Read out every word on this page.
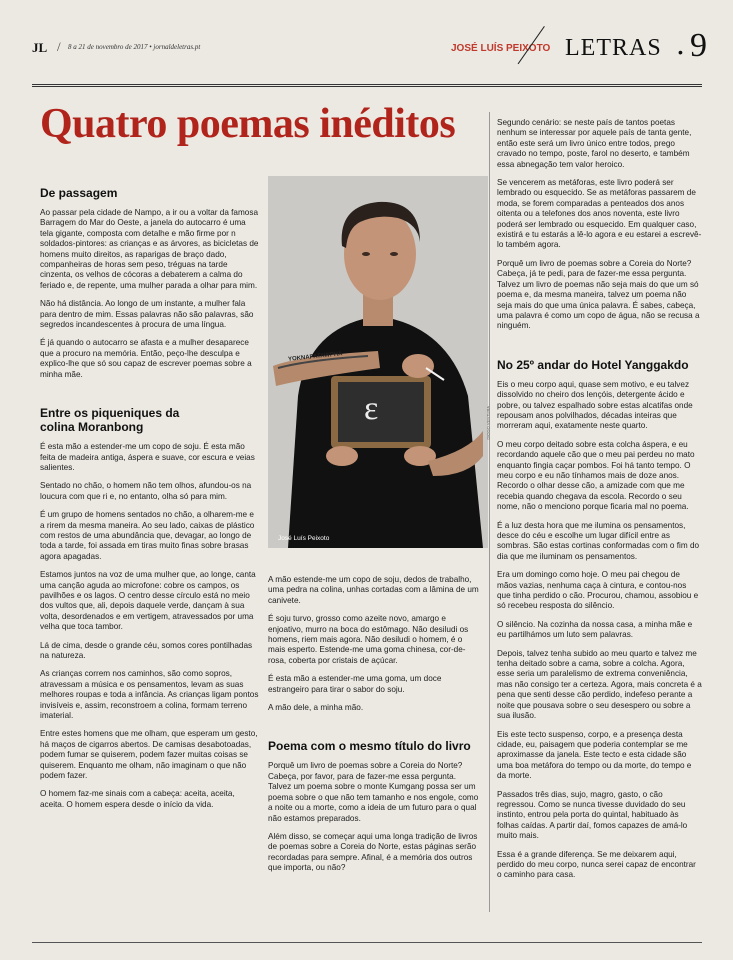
JL / 8 a 21 de novembro de 2017 • jornaldeletras.pt	JOSÉ LUÍS PEIXOTO LETRAS • 9
Quatro poemas inéditos
De passagem

Ao passar pela cidade de Nampo, a ir ou a voltar da famosa Barragem do Mar do Oeste, a janela do autocarro é uma tela gigante, composta com detalhe e mão firme por n soldados-pintores: as crianças e as árvores, as bicicletas de homens muito direitos, as raparigas de braço dado, companheiras de horas sem peso, tréguas na tarde cinzenta, os velhos de cócoras a debaterem a calma do feriado e, de repente, uma mulher parada a olhar para mim.

Não há distância. Ao longo de um instante, a mulher fala para dentro de mim. Essas palavras não são palavras, são segredos incandescentes à procura de uma língua.

É já quando o autocarro se afasta e a mulher desaparece que a procuro na memória. Então, peço-lhe desculpa e explico-lhe que só sou capaz de escrever poemas sobre a minha mãe.

Entre os piqueniques da colina Moranbong

É esta mão a estender-me um copo de soju. É esta mão feita de madeira antiga, áspera e suave, cor escura e veias salientes.

Sentado no chão, o homem não tem olhos, afundou-os na loucura com que ri e, no entanto, olha só para mim.

É um grupo de homens sentados no chão, a olharem-me e a rirem da mesma maneira. Ao seu lado, caixas de plástico com restos de uma abundância que, devagar, ao longo de toda a tarde, foi assada em tiras muito finas sobre brasas agora apagadas.

Estamos juntos na voz de uma mulher que, ao longe, canta uma canção aguda ao microfone: cobre os campos, os pavilhões e os lagos. O centro desse círculo está no meio dos vultos que, ali, depois daquele verde, dançam à sua volta, desordenados e em vertigem, atravessados por uma velha que toca tambor.

Lá de cima, desde o grande céu, somos cores pontilhadas na natureza.

As crianças correm nos caminhos, são como sopros, atravessam a música e os pensamentos, levam as suas melhores roupas e toda a infância. As crianças ligam pontos invisíveis e, assim, reconstroem a colina, formam terreno imaterial.

Entre estes homens que me olham, que esperam um gesto, há maços de cigarros abertos. De camisas desabotoadas, podem fumar se quiserem, podem fazer muitas coisas se quiserem. Enquanto me olham, não imaginam o que não podem fazer.

O homem faz-me sinais com a cabeça: aceita, aceita, aceita. O homem espera desde o início da vida.

YOKNAPATAWPHA
ε
José Luís Peixoto
DIOGO VENTURA

A mão estende-me um copo de soju, dedos de trabalho, uma pedra na colina, unhas cortadas com a lâmina de um canivete.

É soju turvo, grosso como azeite novo, amargo e enjoativo, murro na boca do estômago. Não desiludi os homens, riem mais agora. Não desiludi o homem, é o mais esperto. Estende-me uma goma chinesa, cor-de-rosa, coberta por cristais de açúcar.

É esta mão a estender-me uma goma, um doce estrangeiro para tirar o sabor do soju.

A mão dele, a minha mão.

Poema com o mesmo título do livro

Porquê um livro de poemas sobre a Coreia do Norte? Cabeça, por favor, para de fazer-me essa pergunta. Talvez um poema sobre o monte Kumgang possa ser um poema sobre o que não tem tamanho e nos engole, como a noite ou a morte, como a ideia de um futuro para o qual não estamos preparados.

Além disso, se começar aqui uma longa tradição de livros de poemas sobre a Coreia do Norte, estas páginas serão recordadas para sempre. Afinal, é a memória dos outros que importa, ou não?

Segundo cenário: se neste país de tantos poetas nenhum se interessar por aquele país de tanta gente, então este será um livro único entre todos, prego cravado no tempo, poste, farol no deserto, e também essa abnegação tem valor heroico.

Se vencerem as metáforas, este livro poderá ser lembrado ou esquecido. Se as metáforas passarem de moda, se forem comparadas a penteados dos anos oitenta ou a telefones dos anos noventa, este livro poderá ser lembrado ou esquecido. Em qualquer caso, existirá e tu estarás a lê-lo agora e eu estarei a escrevê-lo também agora.

Porquê um livro de poemas sobre a Coreia do Norte? Cabeça, já te pedi, para de fazer-me essa pergunta. Talvez um livro de poemas não seja mais do que um só poema e, da mesma maneira, talvez um poema não seja mais do que uma única palavra. É sabes, cabeça, uma palavra é como um copo de água, não se recusa a ninguém.

No 25º andar do Hotel Yanggakdo

Eis o meu corpo aqui, quase sem motivo, e eu talvez dissolvido no cheiro dos lençóis, detergente ácido e pobre, ou talvez espalhado sobre estas alcatifas onde repousam anos polvilhados, décadas inteiras que morreram aqui, exatamente neste quarto.

O meu corpo deitado sobre esta colcha áspera, e eu recordando aquele cão que o meu pai perdeu no mato enquanto fingia caçar pombos. Foi há tanto tempo. O meu corpo e eu não tínhamos mais de doze anos. Recordo o olhar desse cão, a amizade com que me recebia quando chegava da escola. Recordo o seu nome, não o menciono porque ficaria mal no poema.

É a luz desta hora que me ilumina os pensamentos, desce do céu e escolhe um lugar difícil entre as sombras. São estas cortinas conformadas com o fim do dia que me iluminam os pensamentos.

Era um domingo como hoje. O meu pai chegou de mãos vazias, nenhuma caça à cintura, e contou-nos que tinha perdido o cão. Procurou, chamou, assobiou e só recebeu resposta do silêncio.

O silêncio. Na cozinha da nossa casa, a minha mãe e eu partilhámos um luto sem palavras.

Depois, talvez tenha subido ao meu quarto e talvez me tenha deitado sobre a cama, sobre a colcha. Agora, esse seria um paralelismo de extrema conveniência, mas não consigo ter a certeza. Agora, mais concreta é a pena que senti desse cão perdido, indefeso perante a noite que pousava sobre o seu desespero ou sobre a sua ilusão.

Eis este tecto suspenso, corpo, e a presença desta cidade, eu, paisagem que poderia contemplar se me aproximasse da janela. Este tecto e esta cidade são uma boa metáfora do tempo ou da morte, do tempo e da morte.

Passados três dias, sujo, magro, gasto, o cão regressou. Como se nunca tivesse duvidado do seu instinto, entrou pela porta do quintal, habituado às folhas caídas. A partir daí, fomos capazes de amá-lo muito mais.

Essa é a grande diferença. Se me deixarem aqui, perdido do meu corpo, nunca serei capaz de encontrar o caminho para casa.
